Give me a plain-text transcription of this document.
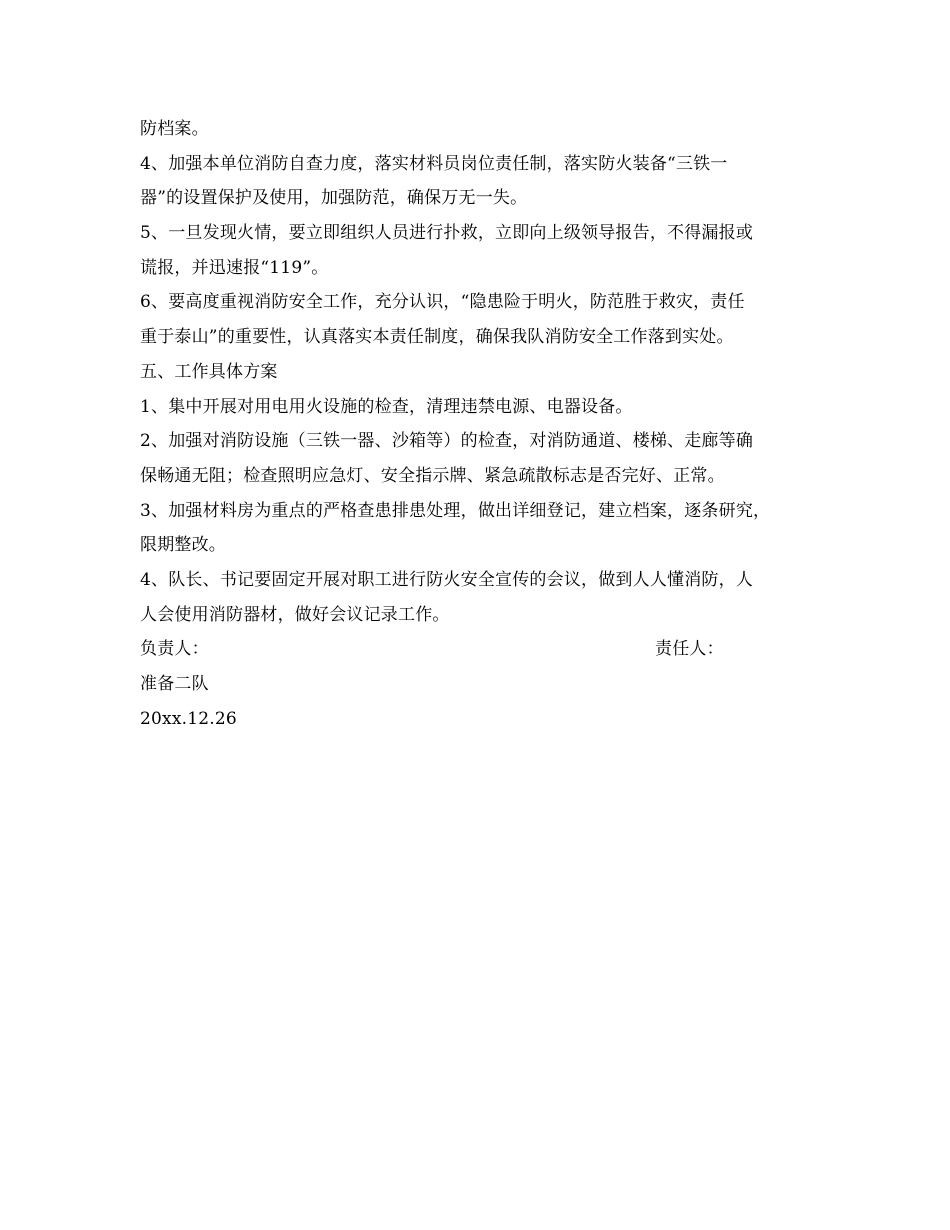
防档案。
4、加强本单位消防自查力度，落实材料员岗位责任制，落实防火装备“三铁一
器”的设置保护及使用，加强防范，确保万无一失。
5、一旦发现火情，要立即组织人员进行扑救，立即向上级领导报告，不得漏报或
谎报，并迅速报“119”。
6、要高度重视消防安全工作，充分认识，“隐患险于明火，防范胜于救灾，责任
重于泰山”的重要性，认真落实本责任制度，确保我队消防安全工作落到实处。
五、工作具体方案
1、集中开展对用电用火设施的检查，清理违禁电源、电器设备。
2、加强对消防设施（三铁一器、沙箱等）的检查，对消防通道、楼梯、走廊等确
保畅通无阻；检查照明应急灯、安全指示牌、紧急疏散标志是否完好、正常。
3、加强材料房为重点的严格查患排患处理，做出详细登记，建立档案，逐条研究，
限期整改。
4、队长、书记要固定开展对职工进行防火安全宣传的会议，做到人人懂消防，人
人会使用消防器材，做好会议记录工作。
负责人：	责任人：
准备二队
20xx.12.26
